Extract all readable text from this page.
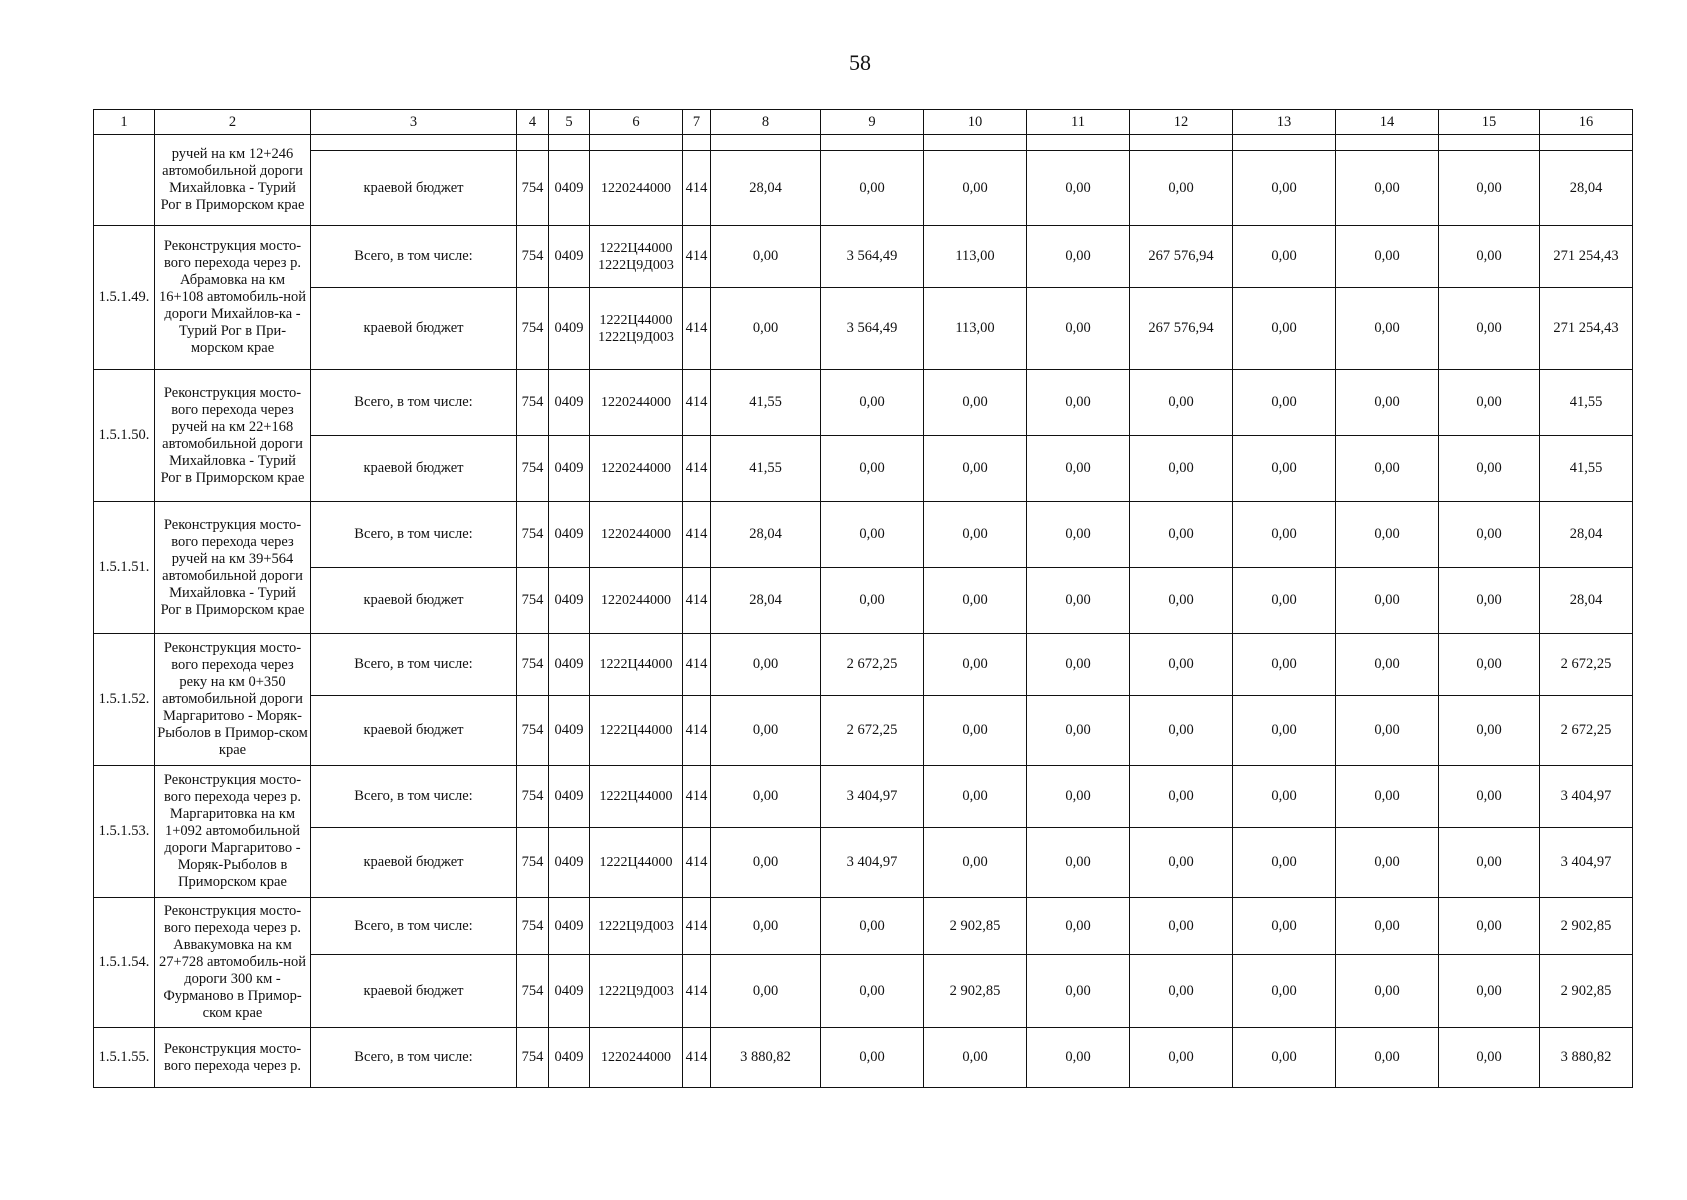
58
1	2	3	4	5	6	7	8	9	10	11	12	13	14	15	16
	ручей на км 12+246 автомобильной дороги Михайловка - Турий Рог в Приморском крае														
		краевой бюджет	754	0409	1220244000	414	28,04	0,00	0,00	0,00	0,00	0,00	0,00	0,00	28,04
1.5.1.49.	Реконструкция мосто-вого перехода через р. Абрамовка на км 16+108 автомобиль-ной дороги Михайлов-ка - Турий Рог в При-морском крае	Всего, в том числе:	754	0409	1222Ц44000 1222Ц9Д003	414	0,00	3 564,49	113,00	0,00	267 576,94	0,00	0,00	0,00	271 254,43
		краевой бюджет	754	0409	1222Ц44000 1222Ц9Д003	414	0,00	3 564,49	113,00	0,00	267 576,94	0,00	0,00	0,00	271 254,43
1.5.1.50.	Реконструкция мосто-вого перехода через ручей на км 22+168 автомобильной дороги Михайловка - Турий Рог в Приморском крае	Всего, в том числе:	754	0409	1220244000	414	41,55	0,00	0,00	0,00	0,00	0,00	0,00	0,00	41,55
		краевой бюджет	754	0409	1220244000	414	41,55	0,00	0,00	0,00	0,00	0,00	0,00	0,00	41,55
1.5.1.51.	Реконструкция мосто-вого перехода через ручей на км 39+564 автомобильной дороги Михайловка - Турий Рог в Приморском крае	Всего, в том числе:	754	0409	1220244000	414	28,04	0,00	0,00	0,00	0,00	0,00	0,00	0,00	28,04
		краевой бюджет	754	0409	1220244000	414	28,04	0,00	0,00	0,00	0,00	0,00	0,00	0,00	28,04
1.5.1.52.	Реконструкция мосто-вого перехода через реку на км 0+350 автомобильной дороги Маргаритово - Моряк-Рыболов в Примор-ском крае	Всего, в том числе:	754	0409	1222Ц44000	414	0,00	2 672,25	0,00	0,00	0,00	0,00	0,00	0,00	2 672,25
		краевой бюджет	754	0409	1222Ц44000	414	0,00	2 672,25	0,00	0,00	0,00	0,00	0,00	0,00	2 672,25
1.5.1.53.	Реконструкция мосто-вого перехода через р. Маргаритовка на км 1+092 автомобильной дороги Маргаритово - Моряк-Рыболов в Приморском крае	Всего, в том числе:	754	0409	1222Ц44000	414	0,00	3 404,97	0,00	0,00	0,00	0,00	0,00	0,00	3 404,97
		краевой бюджет	754	0409	1222Ц44000	414	0,00	3 404,97	0,00	0,00	0,00	0,00	0,00	0,00	3 404,97
1.5.1.54.	Реконструкция мосто-вого перехода через р. Аввакумовка на км 27+728 автомобиль-ной дороги 300 км - Фурманово в Примор-ском крае	Всего, в том числе:	754	0409	1222Ц9Д003	414	0,00	0,00	2 902,85	0,00	0,00	0,00	0,00	0,00	2 902,85
		краевой бюджет	754	0409	1222Ц9Д003	414	0,00	0,00	2 902,85	0,00	0,00	0,00	0,00	0,00	2 902,85
1.5.1.55.	Реконструкция мосто-вого перехода через р.	Всего, в том числе:	754	0409	1220244000	414	3 880,82	0,00	0,00	0,00	0,00	0,00	0,00	0,00	3 880,82
